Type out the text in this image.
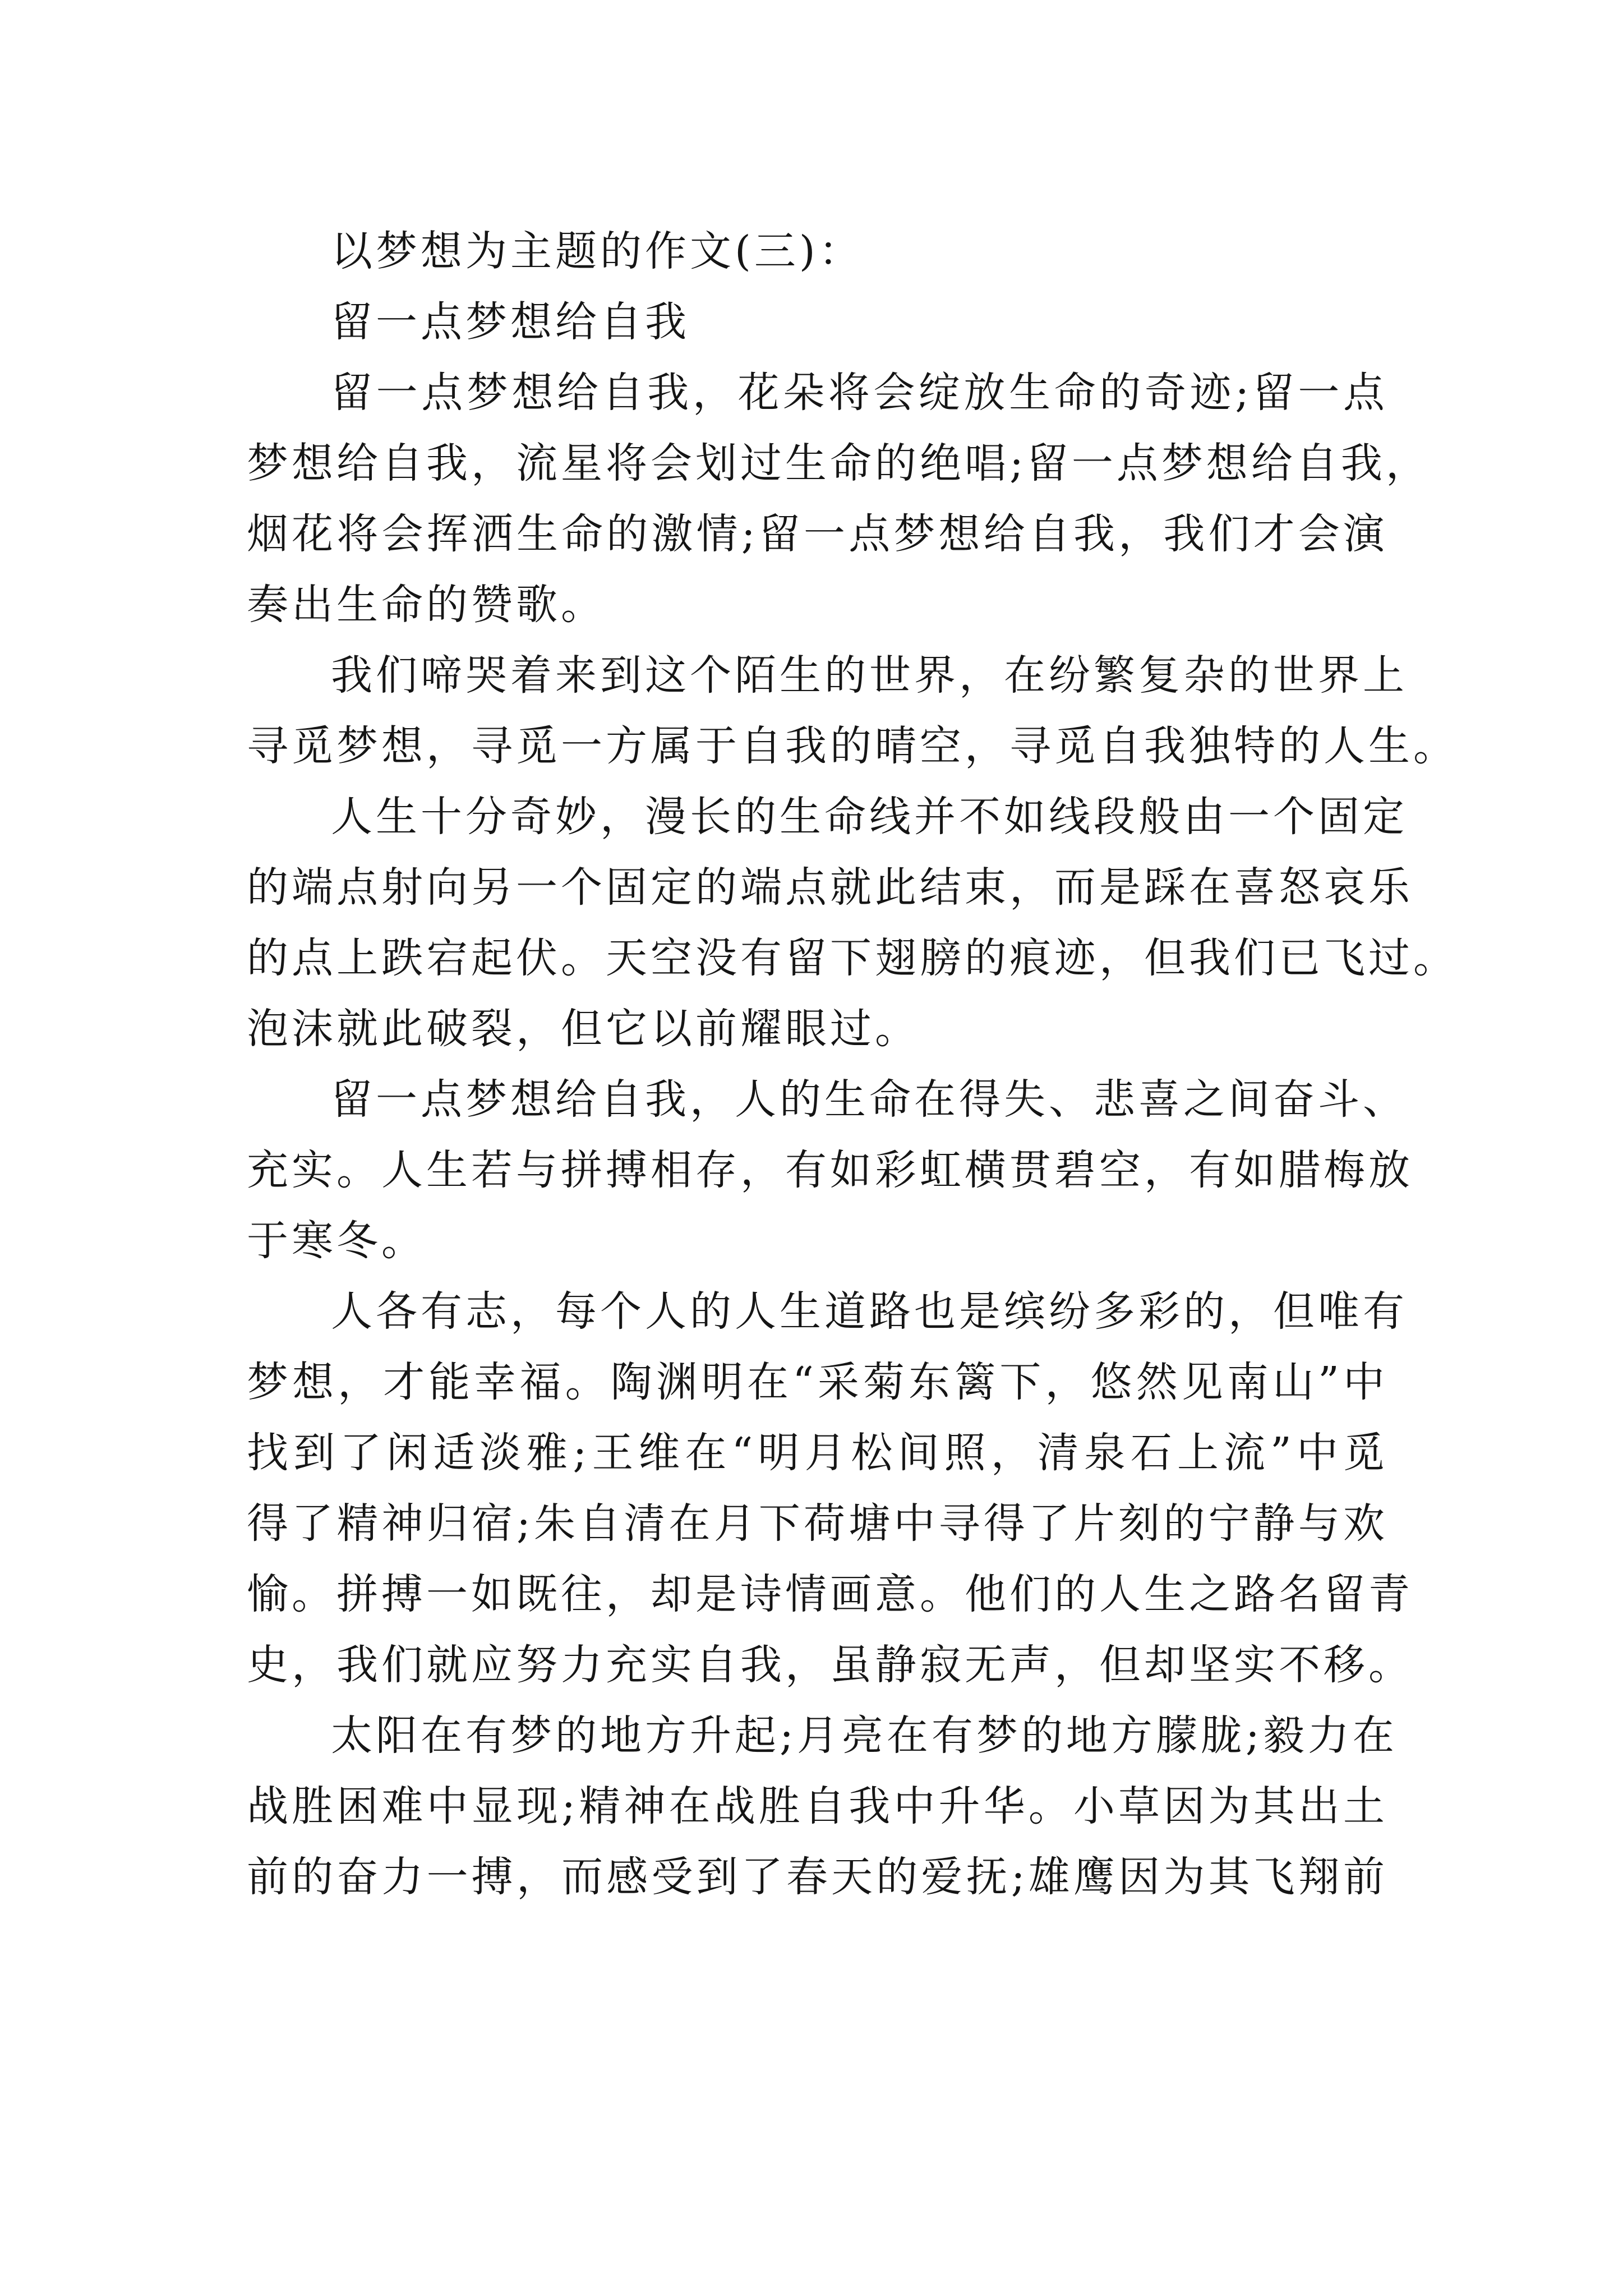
以梦想为主题的作文(三)：
留一点梦想给自我
留一点梦想给自我，花朵将会绽放生命的奇迹;留一点
梦想给自我，流星将会划过生命的绝唱;留一点梦想给自我，
烟花将会挥洒生命的激情;留一点梦想给自我，我们才会演
奏出生命的赞歌。
我们啼哭着来到这个陌生的世界，在纷繁复杂的世界上
寻觅梦想，寻觅一方属于自我的晴空，寻觅自我独特的人生。
人生十分奇妙，漫长的生命线并不如线段般由一个固定
的端点射向另一个固定的端点就此结束，而是踩在喜怒哀乐
的点上跌宕起伏。天空没有留下翅膀的痕迹，但我们已飞过。
泡沫就此破裂，但它以前耀眼过。
留一点梦想给自我，人的生命在得失、悲喜之间奋斗、
充实。人生若与拼搏相存，有如彩虹横贯碧空，有如腊梅放
于寒冬。
人各有志，每个人的人生道路也是缤纷多彩的，但唯有
梦想，才能幸福。陶渊明在“采菊东篱下，悠然见南山”中
找到了闲适淡雅;王维在“明月松间照，清泉石上流”中觅
得了精神归宿;朱自清在月下荷塘中寻得了片刻的宁静与欢
愉。拼搏一如既往，却是诗情画意。他们的人生之路名留青
史，我们就应努力充实自我，虽静寂无声，但却坚实不移。
太阳在有梦的地方升起;月亮在有梦的地方朦胧;毅力在
战胜困难中显现;精神在战胜自我中升华。小草因为其出土
前的奋力一搏，而感受到了春天的爱抚;雄鹰因为其飞翔前
